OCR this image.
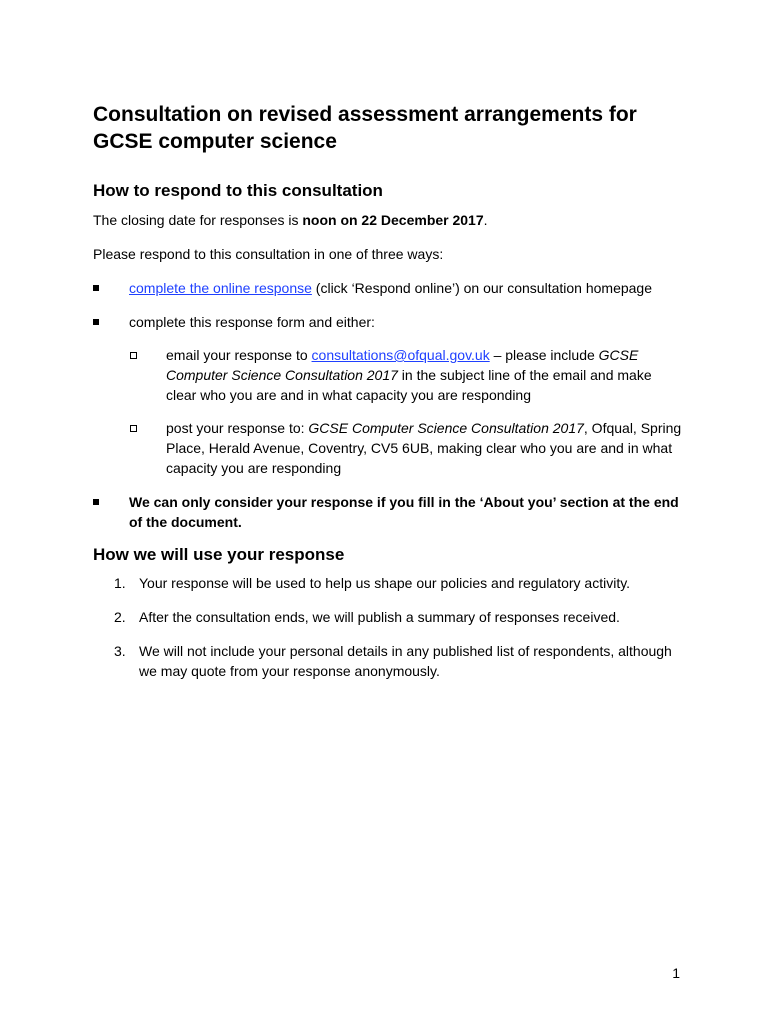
Consultation on revised assessment arrangements for GCSE computer science
How to respond to this consultation

The closing date for responses is noon on 22 December 2017.

Please respond to this consultation in one of three ways:

complete the online response (click ‘Respond online’) on our consultation homepage
complete this response form and either:
email your response to consultations@ofqual.gov.uk – please include GCSE Computer Science Consultation 2017 in the subject line of the email and make clear who you are and in what capacity you are responding
post your response to: GCSE Computer Science Consultation 2017, Ofqual, Spring Place, Herald Avenue, Coventry, CV5 6UB, making clear who you are and in what capacity you are responding
We can only consider your response if you fill in the ‘About you’ section at the end of the document.
How we will use your response
1. Your response will be used to help us shape our policies and regulatory activity.
2. After the consultation ends, we will publish a summary of responses received.
3. We will not include your personal details in any published list of respondents, although we may quote from your response anonymously.
1
